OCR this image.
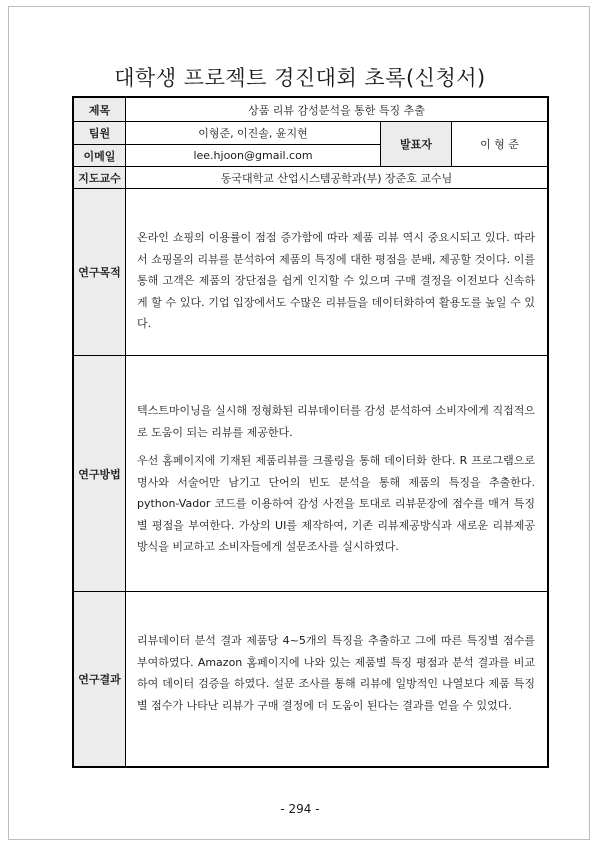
대학생 프로젝트 경진대회 초록(신청서)
제목	상품 리뷰 감성분석을 통한 특징 추출
팀원	이형준, 이진솔, 윤지현
이메일	lee.hjoon@gmail.com
발표자	이 형 준
지도교수	동국대학교 산업시스템공학과(부) 장준호 교수님
연구목적

온라인 쇼핑의 이용률이 점점 증가함에 따라 제품 리뷰 역시 중요시되고 있다. 따라서 쇼핑몰의 리뷰를 분석하여 제품의 특징에 대한 평점을 분배, 제공할 것이다. 이를 통해 고객은 제품의 장단점을 쉽게 인지할 수 있으며 구매 결정을 이전보다 신속하게 할 수 있다. 기업 입장에서도 수많은 리뷰들을 데이터화하여 활용도를 높일 수 있다.

연구방법

텍스트마이닝을 실시해 정형화된 리뷰데이터를 감성 분석하여 소비자에게 직접적으로 도움이 되는 리뷰를 제공한다.

우선 홈페이지에 기재된 제품리뷰를 크롤링을 통해 데이터화 한다. R 프로그램으로 명사와 서술어만 남기고 단어의 빈도 분석을 통해 제품의 특징을 추출한다. python-Vador 코드를 이용하여 감성 사전을 토대로 리뷰문장에 점수를 매겨 특징별 평점을 부여한다. 가상의 UI를 제작하여, 기존 리뷰제공방식과 새로운 리뷰제공방식을 비교하고 소비자들에게 설문조사를 실시하였다.

연구결과

리뷰데이터 분석 결과 제품당 4~5개의 특징을 추출하고 그에 따른 특징별 점수를 부여하였다. Amazon 홈페이지에 나와 있는 제품별 특징 평점과 분석 결과를 비교하여 데이터 검증을 하였다. 설문 조사를 통해 리뷰에 일방적인 나열보다 제품 특징별 점수가 나타난 리뷰가 구매 결정에 더 도움이 된다는 결과를 얻을 수 있었다.

- 294 -
